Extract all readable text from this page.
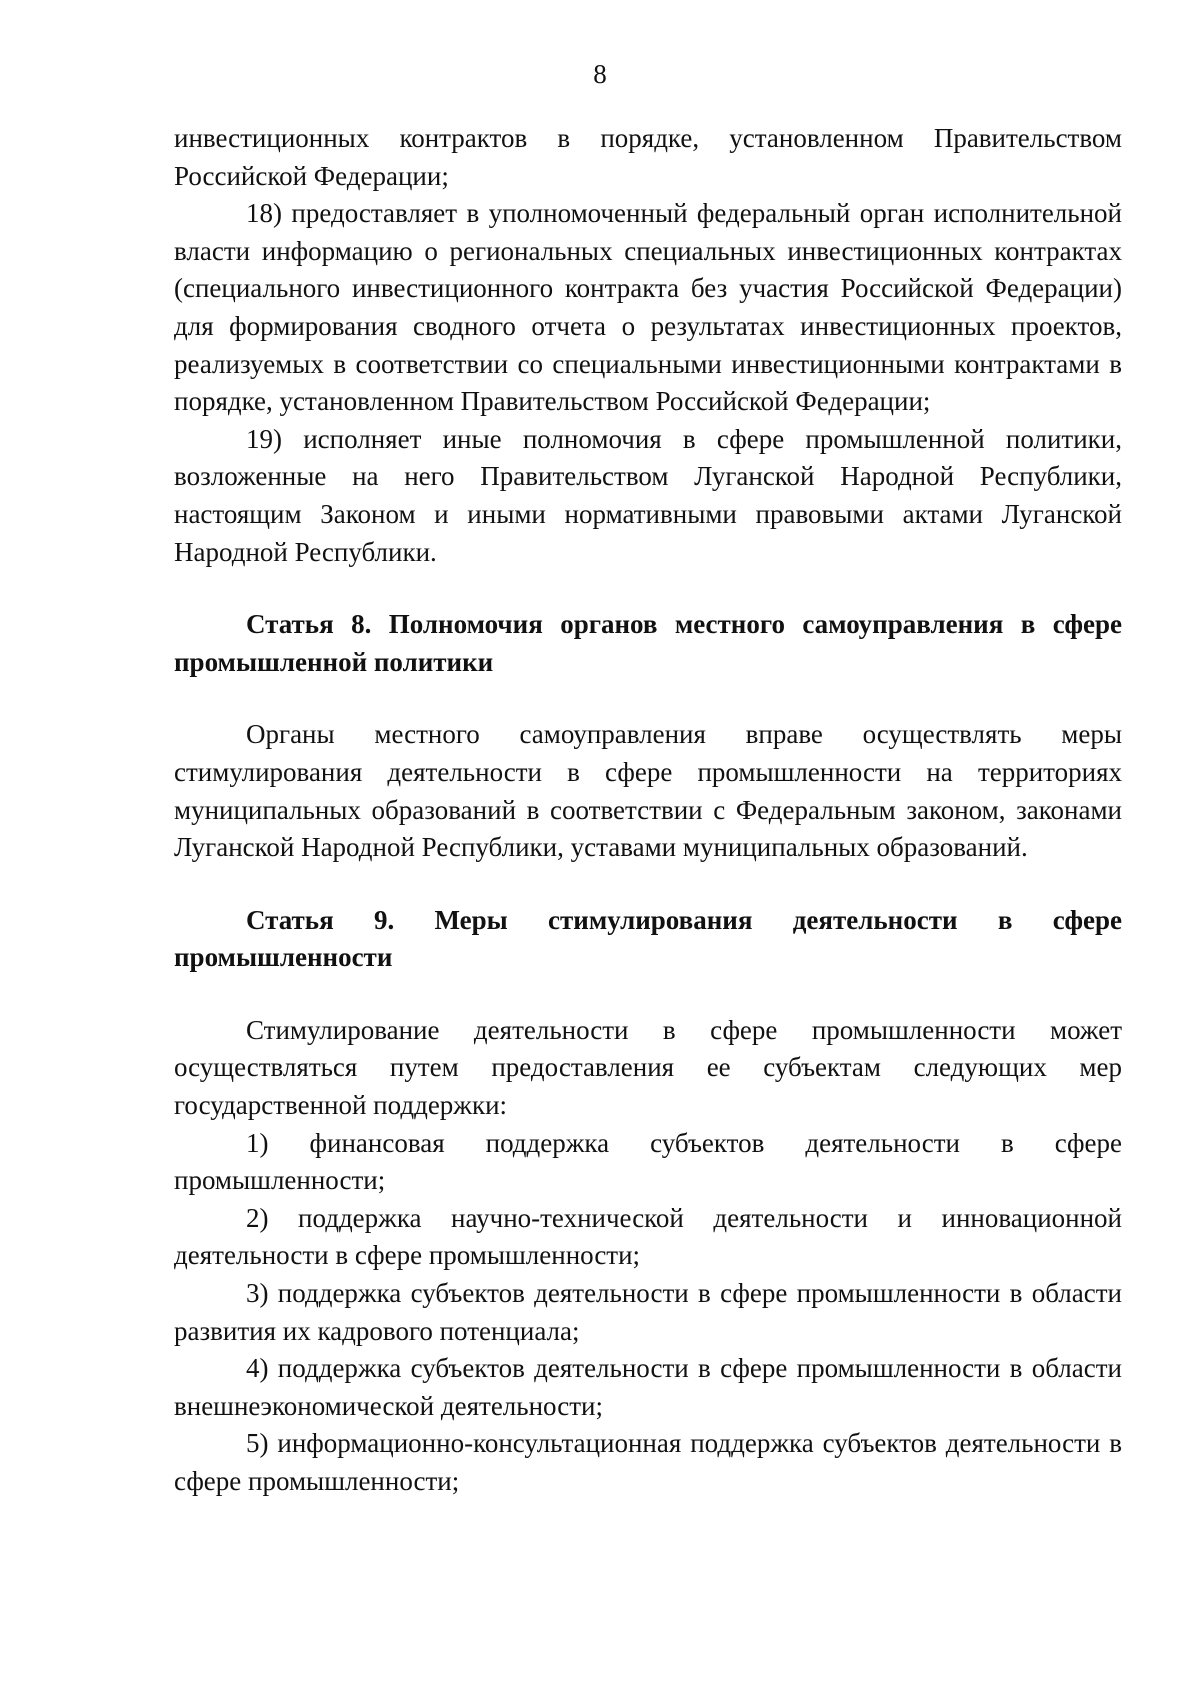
8

инвестиционных контрактов в порядке, установленном Правительством Российской Федерации;

18) предоставляет в уполномоченный федеральный орган исполнительной власти информацию о региональных специальных инвестиционных контрактах (специального инвестиционного контракта без участия Российской Федерации) для формирования сводного отчета о результатах инвестиционных проектов, реализуемых в соответствии со специальными инвестиционными контрактами в порядке, установленном Правительством Российской Федерации;

19) исполняет иные полномочия в сфере промышленной политики, возложенные на него Правительством Луганской Народной Республики, настоящим Законом и иными нормативными правовыми актами Луганской Народной Республики.

Статья 8. Полномочия органов местного самоуправления в сфере промышленной политики

Органы местного самоуправления вправе осуществлять меры стимулирования деятельности в сфере промышленности на территориях муниципальных образований в соответствии с Федеральным законом, законами Луганской Народной Республики, уставами муниципальных образований.

Статья 9. Меры стимулирования деятельности в сфере промышленности

Стимулирование деятельности в сфере промышленности может осуществляться путем предоставления ее субъектам следующих мер государственной поддержки:

1) финансовая поддержка субъектов деятельности в сфере промышленности;

2) поддержка научно-технической деятельности и инновационной деятельности в сфере промышленности;

3) поддержка субъектов деятельности в сфере промышленности в области развития их кадрового потенциала;

4) поддержка субъектов деятельности в сфере промышленности в области внешнеэкономической деятельности;

5) информационно-консультационная поддержка субъектов деятельности в сфере промышленности;
